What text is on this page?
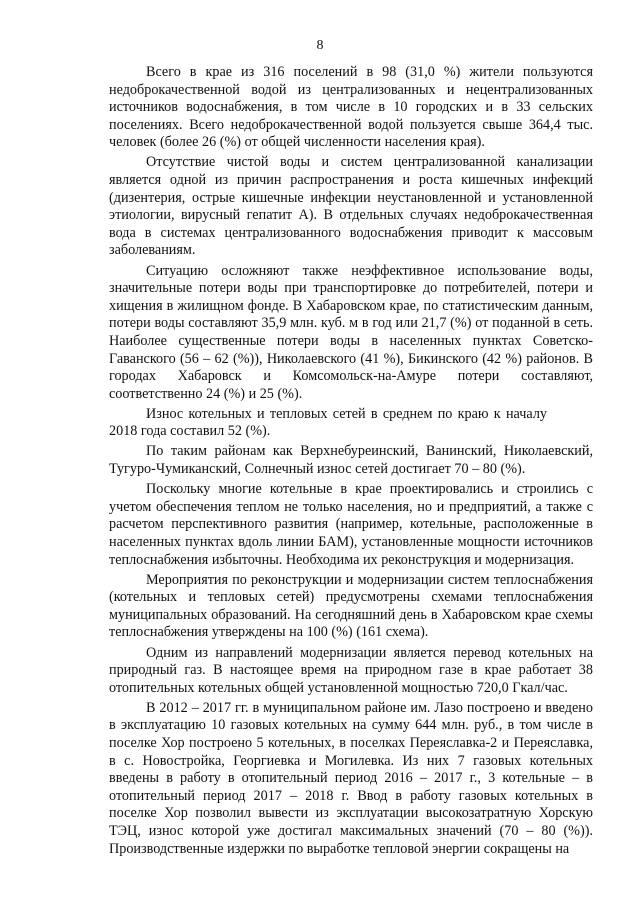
8

Всего в крае из 316 поселений в 98 (31,0 %) жители пользуются недоброкачественной водой из централизованных и нецентрализованных источников водоснабжения, в том числе в 10 городских и в 33 сельских поселениях. Всего недоброкачественной водой пользуется свыше 364,4 тыс. человек (более 26 (%) от общей численности населения края).

Отсутствие чистой воды и систем централизованной канализации является одной из причин распространения и роста кишечных инфекций (дизентерия, острые кишечные инфекции неустановленной и установленной этиологии, вирусный гепатит А). В отдельных случаях недоброкачественная вода в системах централизованного водоснабжения приводит к массовым заболеваниям.

Ситуацию осложняют также неэффективное использование воды, значительные потери воды при транспортировке до потребителей, потери и хищения в жилищном фонде. В Хабаровском крае, по статистическим данным, потери воды составляют 35,9 млн. куб. м в год или 21,7 (%) от поданной в сеть. Наиболее существенные потери воды в населенных пунктах Советско-Гаванского (56 – 62 (%)), Николаевского (41 %), Бикинского (42 %) районов. В городах Хабаровск и Комсомольск-на-Амуре потери составляют, соответственно 24 (%) и 25 (%).

Износ котельных и тепловых сетей в среднем по краю к началу2018 года составил 52 (%).

По таким районам как Верхнебуреинский, Ванинский, Николаевский, Тугуро-Чумиканский, Солнечный износ сетей достигает 70 – 80 (%).

Поскольку многие котельные в крае проектировались и строились с учетом обеспечения теплом не только населения, но и предприятий, а также с расчетом перспективного развития (например, котельные, расположенные в населенных пунктах вдоль линии БАМ), установленные мощности источников теплоснабжения избыточны. Необходима их реконструкция и модернизация.

Мероприятия по реконструкции и модернизации систем теплоснабжения (котельных и тепловых сетей) предусмотрены схемами теплоснабжения муниципальных образований. На сегодняшний день в Хабаровском крае схемы теплоснабжения утверждены на 100 (%) (161 схема).

Одним из направлений модернизации является перевод котельных на природный газ. В настоящее время на природном газе в крае работает 38 отопительных котельных общей установленной мощностью 720,0 Гкал/час.

В 2012 – 2017 гг. в муниципальном районе им. Лазо построено и введено в эксплуатацию 10 газовых котельных на сумму 644 млн. руб., в том числе в поселке Хор построено 5 котельных, в поселках Переяславка-2 и Переяславка, в с. Новостройка, Георгиевка и Могилевка. Из них 7 газовых котельных введены в работу в отопительный период 2016 – 2017 г., 3 котельные – в отопительный период 2017 – 2018 г. Ввод в работу газовых котельных в поселке Хор позволил вывести из эксплуатации высокозатратную Хорскую ТЭЦ, износ которой уже достигал максимальных значений (70 – 80 (%)). Производственные издержки по выработке тепловой энергии сокращены на
